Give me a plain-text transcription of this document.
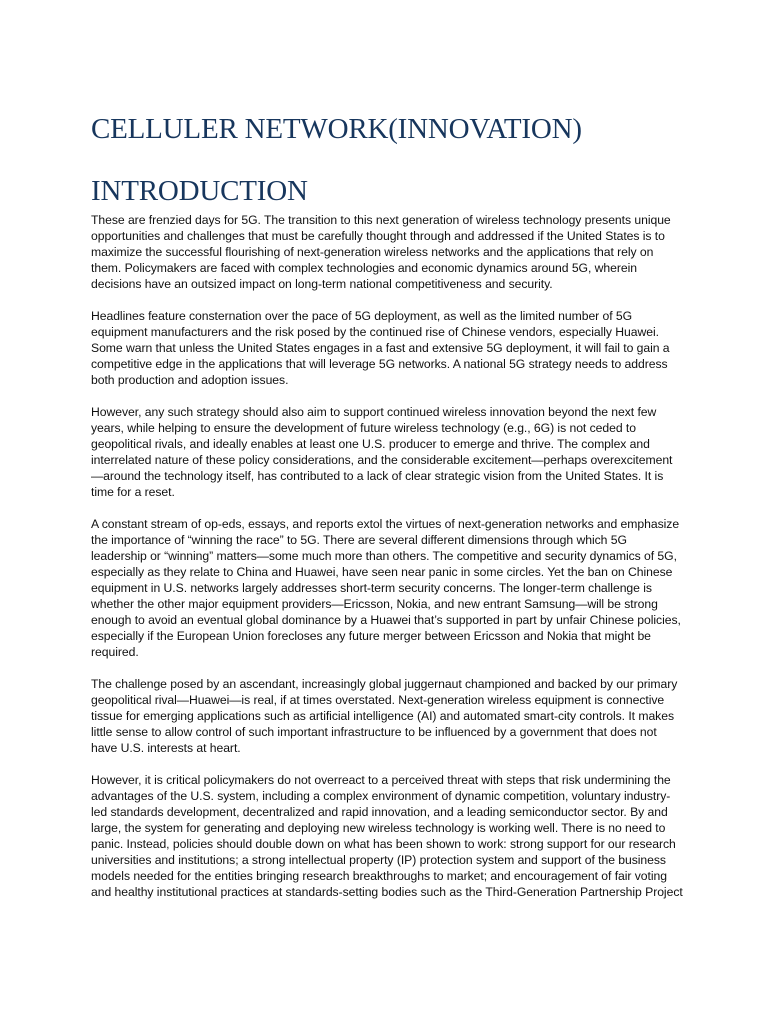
CELLULER NETWORK(INNOVATION)
INTRODUCTION

These are frenzied days for 5G. The transition to this next generation of wireless technology presents unique opportunities and challenges that must be carefully thought through and addressed if the United States is to maximize the successful flourishing of next-generation wireless networks and the applications that rely on them. Policymakers are faced with complex technologies and economic dynamics around 5G, wherein decisions have an outsized impact on long-term national competitiveness and security.

Headlines feature consternation over the pace of 5G deployment, as well as the limited number of 5G equipment manufacturers and the risk posed by the continued rise of Chinese vendors, especially Huawei. Some warn that unless the United States engages in a fast and extensive 5G deployment, it will fail to gain a competitive edge in the applications that will leverage 5G networks. A national 5G strategy needs to address both production and adoption issues.

However, any such strategy should also aim to support continued wireless innovation beyond the next few years, while helping to ensure the development of future wireless technology (e.g., 6G) is not ceded to geopolitical rivals, and ideally enables at least one U.S. producer to emerge and thrive. The complex and interrelated nature of these policy considerations, and the considerable excitement—perhaps overexcitement—around the technology itself, has contributed to a lack of clear strategic vision from the United States. It is time for a reset.

A constant stream of op-eds, essays, and reports extol the virtues of next-generation networks and emphasize the importance of “winning the race” to 5G. There are several different dimensions through which 5G leadership or “winning” matters—some much more than others. The competitive and security dynamics of 5G, especially as they relate to China and Huawei, have seen near panic in some circles. Yet the ban on Chinese equipment in U.S. networks largely addresses short-term security concerns. The longer-term challenge is whether the other major equipment providers—Ericsson, Nokia, and new entrant Samsung—will be strong enough to avoid an eventual global dominance by a Huawei that’s supported in part by unfair Chinese policies, especially if the European Union forecloses any future merger between Ericsson and Nokia that might be required.

The challenge posed by an ascendant, increasingly global juggernaut championed and backed by our primary geopolitical rival—Huawei—is real, if at times overstated. Next-generation wireless equipment is connective tissue for emerging applications such as artificial intelligence (AI) and automated smart-city controls. It makes little sense to allow control of such important infrastructure to be influenced by a government that does not have U.S. interests at heart.

However, it is critical policymakers do not overreact to a perceived threat with steps that risk undermining the advantages of the U.S. system, including a complex environment of dynamic competition, voluntary industry-led standards development, decentralized and rapid innovation, and a leading semiconductor sector. By and large, the system for generating and deploying new wireless technology is working well. There is no need to panic. Instead, policies should double down on what has been shown to work: strong support for our research universities and institutions; a strong intellectual property (IP) protection system and support of the business models needed for the entities bringing research breakthroughs to market; and encouragement of fair voting and healthy institutional practices at standards-setting bodies such as the Third-Generation Partnership Project
